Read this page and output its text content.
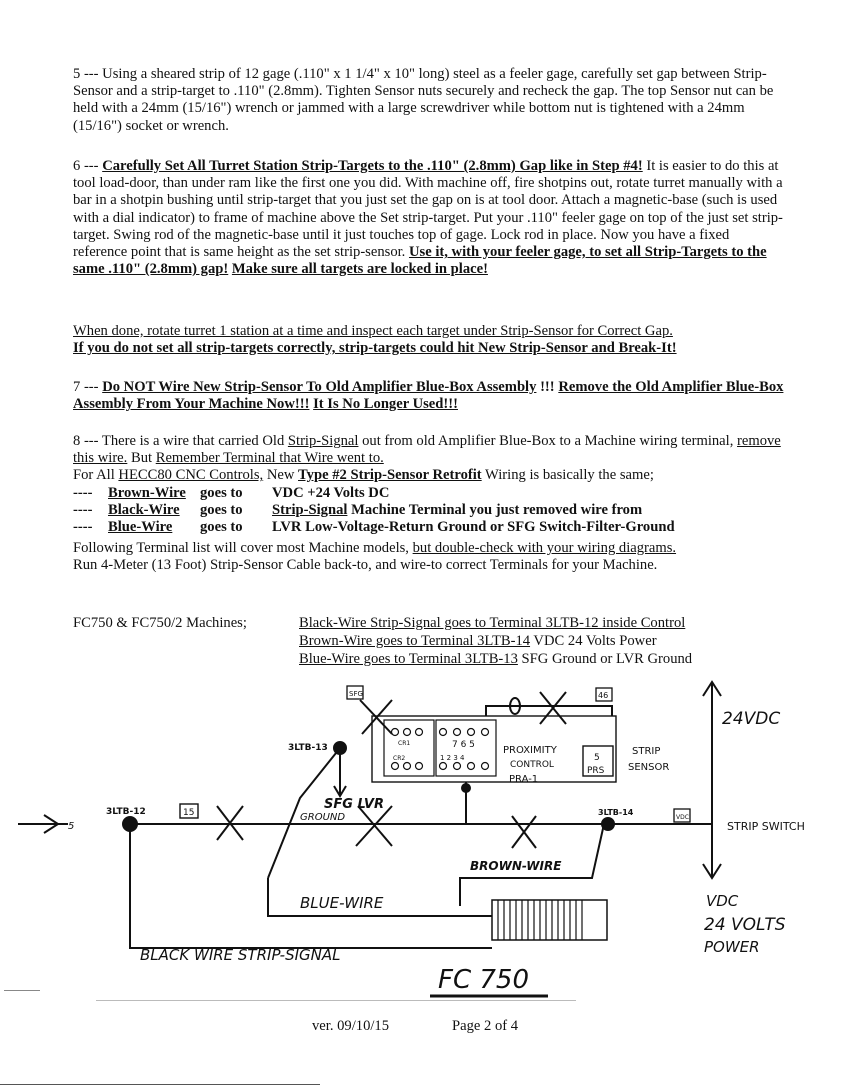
5 --- Using a sheared strip of 12 gage (.110" x 1 1/4" x 10" long) steel as a feeler gage, carefully set gap between Strip-Sensor and a strip-target to .110" (2.8mm). Tighten Sensor nuts securely and recheck the gap. The top Sensor nut can be held with a 24mm (15/16") wrench or jammed with a large screwdriver while bottom nut is tightened with a 24mm (15/16") socket or wrench.

6 --- Carefully Set All Turret Station Strip-Targets to the .110" (2.8mm) Gap like in Step #4! It is easier to do this at tool load-door, than under ram like the first one you did. With machine off, fire shotpins out, rotate turret manually with a bar in a shotpin bushing until strip-target that you just set the gap on is at tool door. Attach a magnetic-base (such is used with a dial indicator) to frame of machine above the Set strip-target. Put your .110" feeler gage on top of the just set strip-target. Swing rod of the magnetic-base until it just touches top of gage. Lock rod in place. Now you have a fixed reference point that is same height as the set strip-sensor. Use it, with your feeler gage, to set all Strip-Targets to the same .110" (2.8mm) gap! Make sure all targets are locked in place!

When done, rotate turret 1 station at a time and inspect each target under Strip-Sensor for Correct Gap.

If you do not set all strip-targets correctly, strip-targets could hit New Strip-Sensor and Break-It!

7 --- Do NOT Wire New Strip-Sensor To Old Amplifier Blue-Box Assembly !!! Remove the Old Amplifier Blue-Box Assembly From Your Machine Now!!! It Is No Longer Used!!!

8 --- There is a wire that carried Old Strip-Signal out from old Amplifier Blue-Box to a Machine wiring terminal, remove this wire. But Remember Terminal that Wire went to.

For All HECC80 CNC Controls, New Type #2 Strip-Sensor Retrofit Wiring is basically the same;

----	Brown-Wire	goes to	VDC +24 Volts DC
----	Black-Wire	goes to	Strip-Signal Machine Terminal you just removed wire from
----	Blue-Wire	goes to	LVR Low-Voltage-Return Ground or SFG Switch-Filter-Ground

Following Terminal list will cover most Machine models, but double-check with your wiring diagrams.

Run 4-Meter (13 Foot) Strip-Sensor Cable back-to, and wire-to correct Terminals for your Machine.

FC750 & FC750/2 Machines;	Black-Wire Strip-Signal goes to Terminal 3LTB-12 inside Control
Brown-Wire goes to Terminal 3LTB-14 VDC 24 Volts Power
Blue-Wire goes to Terminal 3LTB-13 SFG Ground or LVR Ground
5
3LTB-12	15
3LTB-13
SFG
CR1
CR2
7 6 5
1 2 3 4
PROXIMITY
CONTROL
PRA-1
5
PRS
STRIP
SENSOR
46
3LTB-14
VDC
24VDC
STRIP SWITCH
SFG LVR
GROUND
BROWN-WIRE
BLUE-WIRE
BLACK WIRE STRIP-SIGNAL
VDC
24 VOLTS
POWER
FC 750
ver. 09/10/15	Page 2 of 4
